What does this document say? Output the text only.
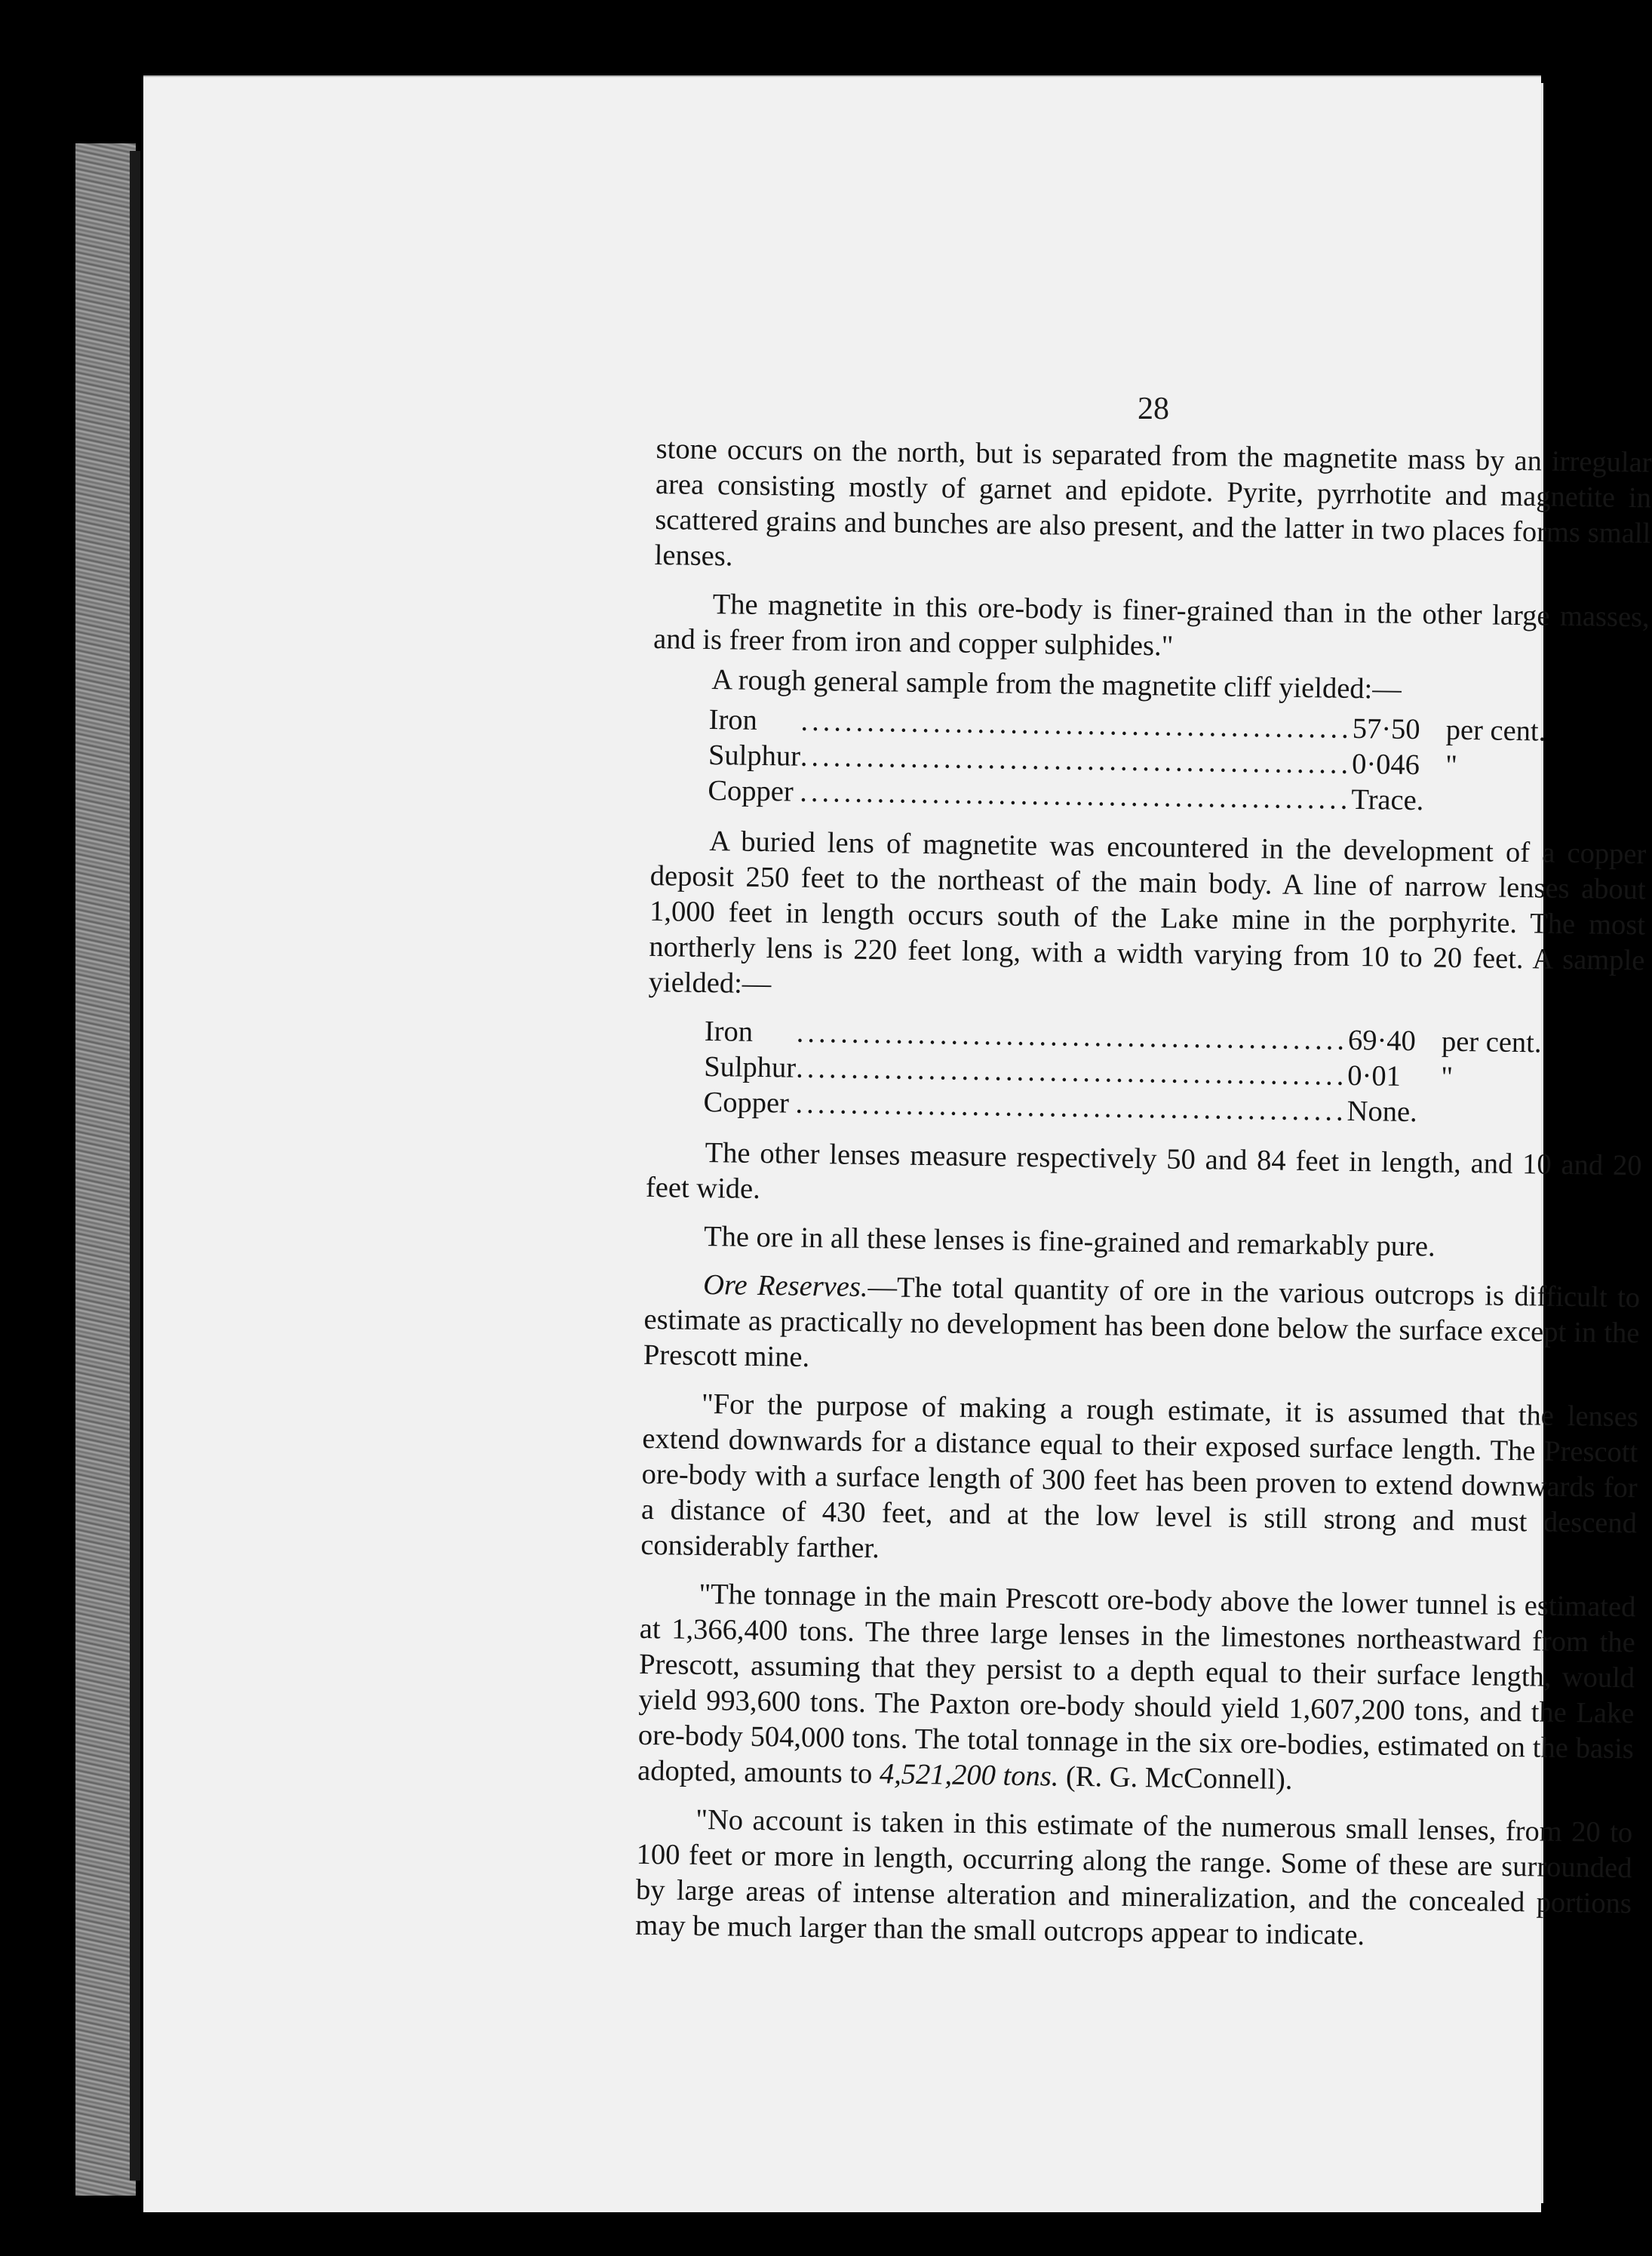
28

stone occurs on the north, but is separated from the magnetite mass by an irregular area consisting mostly of garnet and epidote. Pyrite, pyrrhotite and magnetite in scattered grains and bunches are also present, and the latter in two places forms small lenses.

The magnetite in this ore-body is finer-grained than in the other large masses, and is freer from iron and copper sulphides."

A rough general sample from the magnetite cliff yielded:—

Iron	..................................................	57·50	per cent.
Sulphur	..................................................	0·046	"
Copper	..................................................	Trace.	

A buried lens of magnetite was encountered in the development of a copper deposit 250 feet to the northeast of the main body. A line of narrow lenses about 1,000 feet in length occurs south of the Lake mine in the porphyrite. The most northerly lens is 220 feet long, with a width varying from 10 to 20 feet. A sample yielded:—

Iron	..................................................	69·40	per cent.
Sulphur	..................................................	0·01	"
Copper	..................................................	None.	

The other lenses measure respectively 50 and 84 feet in length, and 10 and 20 feet wide.

The ore in all these lenses is fine-grained and remarkably pure.

Ore Reserves.—The total quantity of ore in the various outcrops is difficult to estimate as practically no development has been done below the surface except in the Prescott mine.

"For the purpose of making a rough estimate, it is assumed that the lenses extend downwards for a distance equal to their exposed surface length. The Prescott ore-body with a surface length of 300 feet has been proven to extend downwards for a distance of 430 feet, and at the low level is still strong and must descend considerably farther.

"The tonnage in the main Prescott ore-body above the lower tunnel is estimated at 1,366,400 tons. The three large lenses in the limestones northeastward from the Prescott, assuming that they persist to a depth equal to their surface length, would yield 993,600 tons. The Paxton ore-body should yield 1,607,200 tons, and the Lake ore-body 504,000 tons. The total tonnage in the six ore-bodies, estimated on the basis adopted, amounts to 4,521,200 tons. (R. G. McConnell).

"No account is taken in this estimate of the numerous small lenses, from 20 to 100 feet or more in length, occurring along the range. Some of these are surrounded by large areas of intense alteration and mineralization, and the concealed portions may be much larger than the small outcrops appear to indicate.
